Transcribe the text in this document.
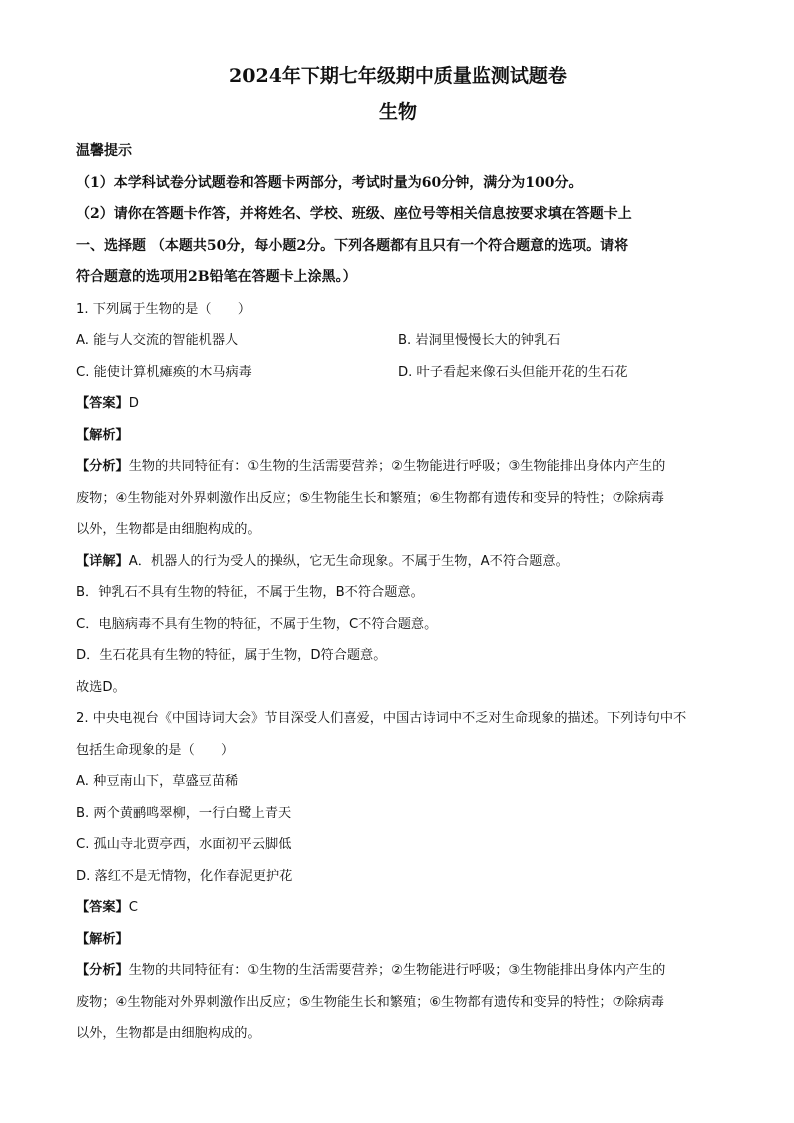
2024年下期七年级期中质量监测试题卷
生物

温馨提示

（1）本学科试卷分试题卷和答题卡两部分，考试时量为60分钟，满分为100分。

（2）请你在答题卡作答，并将姓名、学校、班级、座位号等相关信息按要求填在答题卡上

一、选择题 （本题共50分，每小题2分。下列各题都有且只有一个符合题意的选项。请将

符合题意的选项用2B铅笔在答题卡上涂黑。）

1. 下列属于生物的是（　　）

A. 能与人交流的智能机器人	B. 岩洞里慢慢长大的钟乳石
C. 能使计算机瘫痪的木马病毒	D. 叶子看起来像石头但能开花的生石花

【答案】D

【解析】

【分析】生物的共同特征有：①生物的生活需要营养；②生物能进行呼吸；③生物能排出身体内产生的

废物；④生物能对外界刺激作出反应；⑤生物能生长和繁殖；⑥生物都有遗传和变异的特性；⑦除病毒

以外，生物都是由细胞构成的。

【详解】A．机器人的行为受人的操纵，它无生命现象。不属于生物，A不符合题意。

B．钟乳石不具有生物的特征，不属于生物，B不符合题意。

C．电脑病毒不具有生物的特征，不属于生物，C不符合题意。

D．生石花具有生物的特征，属于生物，D符合题意。

故选D。

2. 中央电视台《中国诗词大会》节目深受人们喜爱，中国古诗词中不乏对生命现象的描述。下列诗句中不

包括生命现象的是（　　）

A. 种豆南山下，草盛豆苗稀

B. 两个黄鹂鸣翠柳，一行白鹭上青天

C. 孤山寺北贾亭西，水面初平云脚低

D. 落红不是无情物，化作春泥更护花

【答案】C

【解析】

【分析】生物的共同特征有：①生物的生活需要营养；②生物能进行呼吸；③生物能排出身体内产生的

废物；④生物能对外界刺激作出反应；⑤生物能生长和繁殖；⑥生物都有遗传和变异的特性；⑦除病毒

以外，生物都是由细胞构成的。
